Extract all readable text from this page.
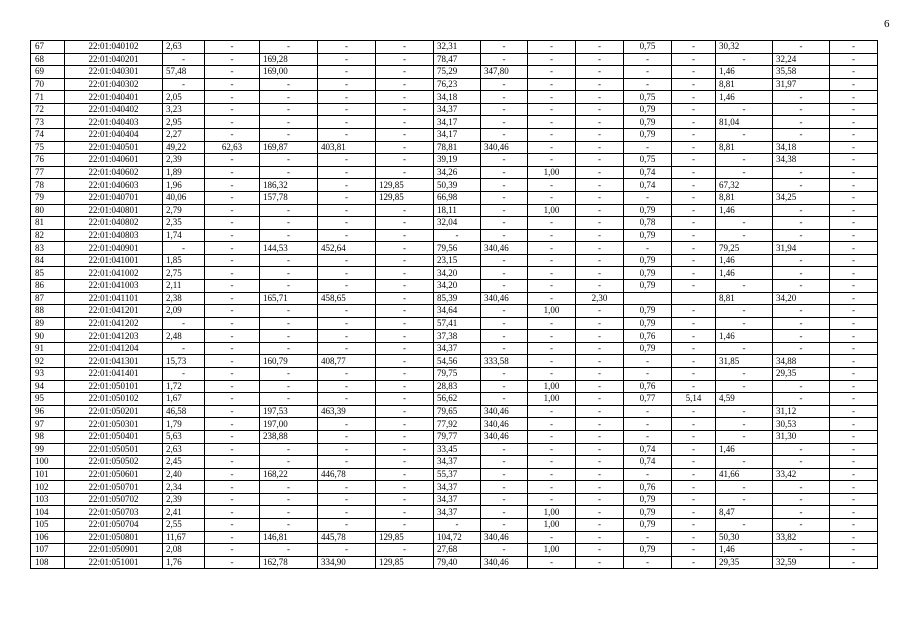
6
67	22:01:040102	2,63	-	-	-	-	32,31	-	-	-	0,75	-	30,32	-	-
68	22:01:040201	-	-	169,28	-	-	78,47	-	-	-	-	-	-	32,24	-
69	22:01:040301	57,48	-	169,00	-	-	75,29	347,80	-	-	-	-	1,46	35,58	-
70	22:01:040302	-	-	-	-	-	76,23	-	-	-	-	-	8,81	31,97	-
71	22:01:040401	2,05	-	-	-	-	34,18	-	-	-	0,75	-	1,46	-	-
72	22:01:040402	3,23	-	-	-	-	34,37	-	-	-	0,79	-	-	-	-
73	22:01:040403	2,95	-	-	-	-	34,17	-	-	-	0,79	-	81,04	-	-
74	22:01:040404	2,27	-	-	-	-	34,17	-	-	-	0,79	-	-	-	-
75	22:01:040501	49,22	62,63	169,87	403,81	-	78,81	340,46	-	-	-	-	8,81	34,18	-
76	22:01:040601	2,39	-	-	-	-	39,19	-	-	-	0,75	-	-	34,38	-
77	22:01:040602	1,89	-	-	-	-	34,26	-	1,00	-	0,74	-	-	-	-
78	22:01:040603	1,96	-	186,32	-	129,85	50,39	-	-	-	0,74	-	67,32	-	-
79	22:01:040701	40,06	-	157,78	-	129,85	66,98	-	-	-	-	-	8,81	34,25	-
80	22:01:040801	2,79	-	-	-	-	18,11	-	1,00	-	0,79	-	1,46	-	-
81	22:01:040802	2,35	-	-	-	-	32,04	-	-	-	0,78	-	-	-	-
82	22:01:040803	1,74	-	-	-	-	-	-	-	-	0,79	-	-	-	-
83	22:01:040901	-	-	144,53	452,64	-	79,56	340,46	-	-	-	-	79,25	31,94	-
84	22:01:041001	1,85	-	-	-	-	23,15	-	-	-	0,79	-	1,46	-	-
85	22:01:041002	2,75	-	-	-	-	34,20	-	-	-	0,79	-	1,46	-	-
86	22:01:041003	2,11	-	-	-	-	34,20	-	-	-	0,79	-	-	-	-
87	22:01:041101	2,38	-	165,71	458,65	-	85,39	340,46	-	2,30			8,81	34,20	-
88	22:01:041201	2,09	-	-	-	-	34,64	-	1,00	-	0,79	-	-	-	-
89	22:01:041202	-	-	-	-	-	57,41	-	-	-	0,79	-	-	-	-
90	22:01:041203	2,48	-	-	-	-	37,38	-	-	-	0,76	-	1,46	-	-
91	22:01:041204	-	-	-	-	-	34,37	-	-	-	0,79	-	-	-	-
92	22:01:041301	15,73	-	160,79	408,77	-	54,56	333,58	-	-	-	-	31,85	34,88	-
93	22:01:041401	-	-	-	-	-	79,75	-	-	-	-	-	-	29,35	-
94	22:01:050101	1,72	-	-	-	-	28,83	-	1,00	-	0,76	-	-	-	-
95	22:01:050102	1,67	-	-	-	-	56,62	-	1,00	-	0,77	5,14	4,59	-	-
96	22:01:050201	46,58	-	197,53	463,39	-	79,65	340,46	-	-	-	-	-	31,12	-
97	22:01:050301	1,79	-	197,00	-	-	77,92	340,46	-	-	-	-	-	30,53	-
98	22:01:050401	5,63	-	238,88	-	-	79,77	340,46	-	-	-	-	-	31,30	-
99	22:01:050501	2,63	-	-	-	-	33,45	-	-	-	0,74	-	1,46	-	-
100	22:01:050502	2,45	-	-	-	-	34,37	-	-	-	0,74	-	-	-	-
101	22:01:050601	2,40	-	168,22	446,78	-	55,37	-	-	-	-	-	41,66	33,42	-
102	22:01:050701	2,34	-	-	-	-	34,37	-	-	-	0,76	-	-	-	-
103	22:01:050702	2,39	-	-	-	-	34,37	-	-	-	0,79	-	-	-	-
104	22:01:050703	2,41	-	-	-	-	34,37	-	1,00	-	0,79	-	8,47	-	-
105	22:01:050704	2,55	-	-	-	-	-	-	1,00	-	0,79	-	-	-	-
106	22:01:050801	11,67	-	146,81	445,78	129,85	104,72	340,46	-	-	-	-	50,30	33,82	-
107	22:01:050901	2,08	-	-	-	-	27,68	-	1,00	-	0,79	-	1,46	-	-
108	22:01:051001	1,76	-	162,78	334,90	129,85	79,40	340,46	-	-	-	-	29,35	32,59	-
